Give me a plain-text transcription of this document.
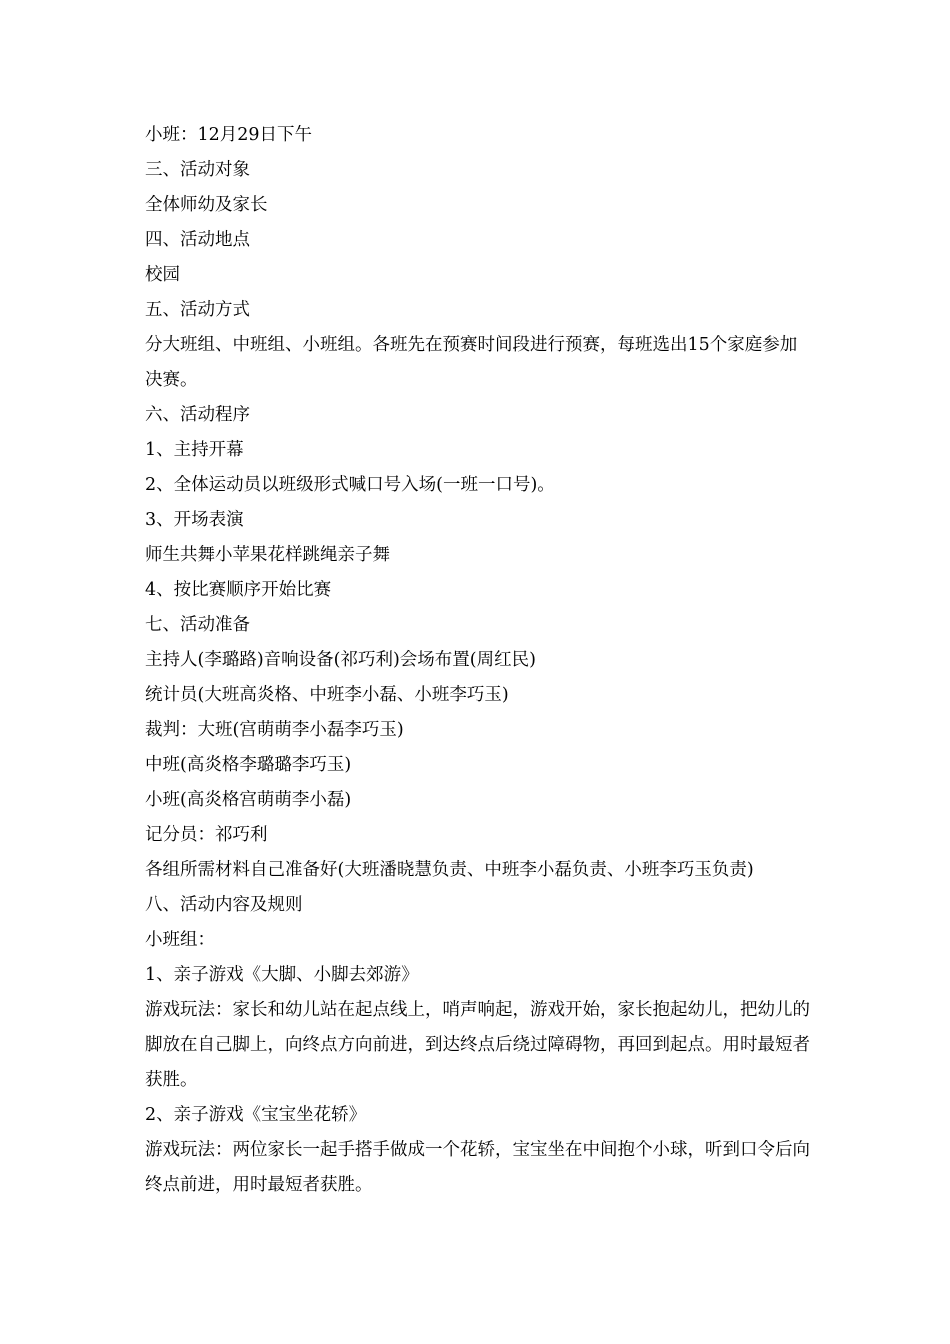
小班：12月29日下午

三、活动对象

全体师幼及家长

四、活动地点

校园

五、活动方式

分大班组、中班组、小班组。各班先在预赛时间段进行预赛，每班选出15个家庭参加决赛。

六、活动程序

1、主持开幕

2、全体运动员以班级形式喊口号入场(一班一口号)。

3、开场表演

师生共舞小苹果花样跳绳亲子舞

4、按比赛顺序开始比赛

七、活动准备

主持人(李璐路)音响设备(祁巧利)会场布置(周红民)

统计员(大班高炎格、中班李小磊、小班李巧玉)

裁判：大班(宫萌萌李小磊李巧玉)

中班(高炎格李璐璐李巧玉)

小班(高炎格宫萌萌李小磊)

记分员：祁巧利

各组所需材料自己准备好(大班潘晓慧负责、中班李小磊负责、小班李巧玉负责)

八、活动内容及规则

小班组：

1、亲子游戏《大脚、小脚去郊游》

游戏玩法：家长和幼儿站在起点线上，哨声响起，游戏开始，家长抱起幼儿，把幼儿的脚放在自己脚上，向终点方向前进，到达终点后绕过障碍物，再回到起点。用时最短者获胜。

2、亲子游戏《宝宝坐花轿》

游戏玩法：两位家长一起手搭手做成一个花轿，宝宝坐在中间抱个小球，听到口令后向终点前进，用时最短者获胜。
